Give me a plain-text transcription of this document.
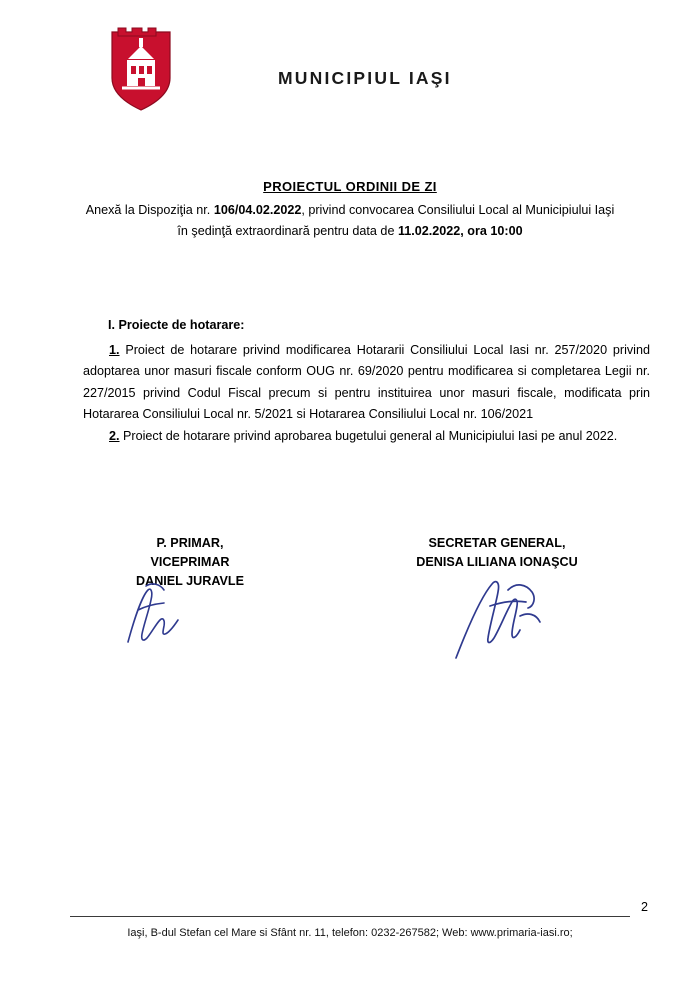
MUNICIPIUL IAŞI
PROIECTUL ORDINII DE ZI
Anexă la Dispoziţia nr. 106/04.02.2022, privind convocarea Consiliului Local al Municipiului Iaşi în şedinţă extraordinară pentru data de 11.02.2022, ora 10:00
I. Proiecte de hotarare:

1. Proiect de hotarare privind modificarea Hotararii Consiliului Local Iasi nr. 257/2020 privind adoptarea unor masuri fiscale conform OUG nr. 69/2020 pentru modificarea si completarea Legii nr. 227/2015 privind Codul Fiscal precum si pentru instituirea unor masuri fiscale, modificata prin Hotararea Consiliului Local nr. 5/2021 si Hotararea Consiliului Local nr. 106/2021

2. Proiect de hotarare privind aprobarea bugetului general al Municipiului Iasi pe anul 2022.

P. PRIMAR,
VICEPRIMAR
DANIEL JURAVLE
SECRETAR GENERAL,
DENISA LILIANA IONAŞCU
2
Iaşi, B-dul Stefan cel Mare si Sfânt nr. 11, telefon: 0232-267582; Web: www.primaria-iasi.ro;
